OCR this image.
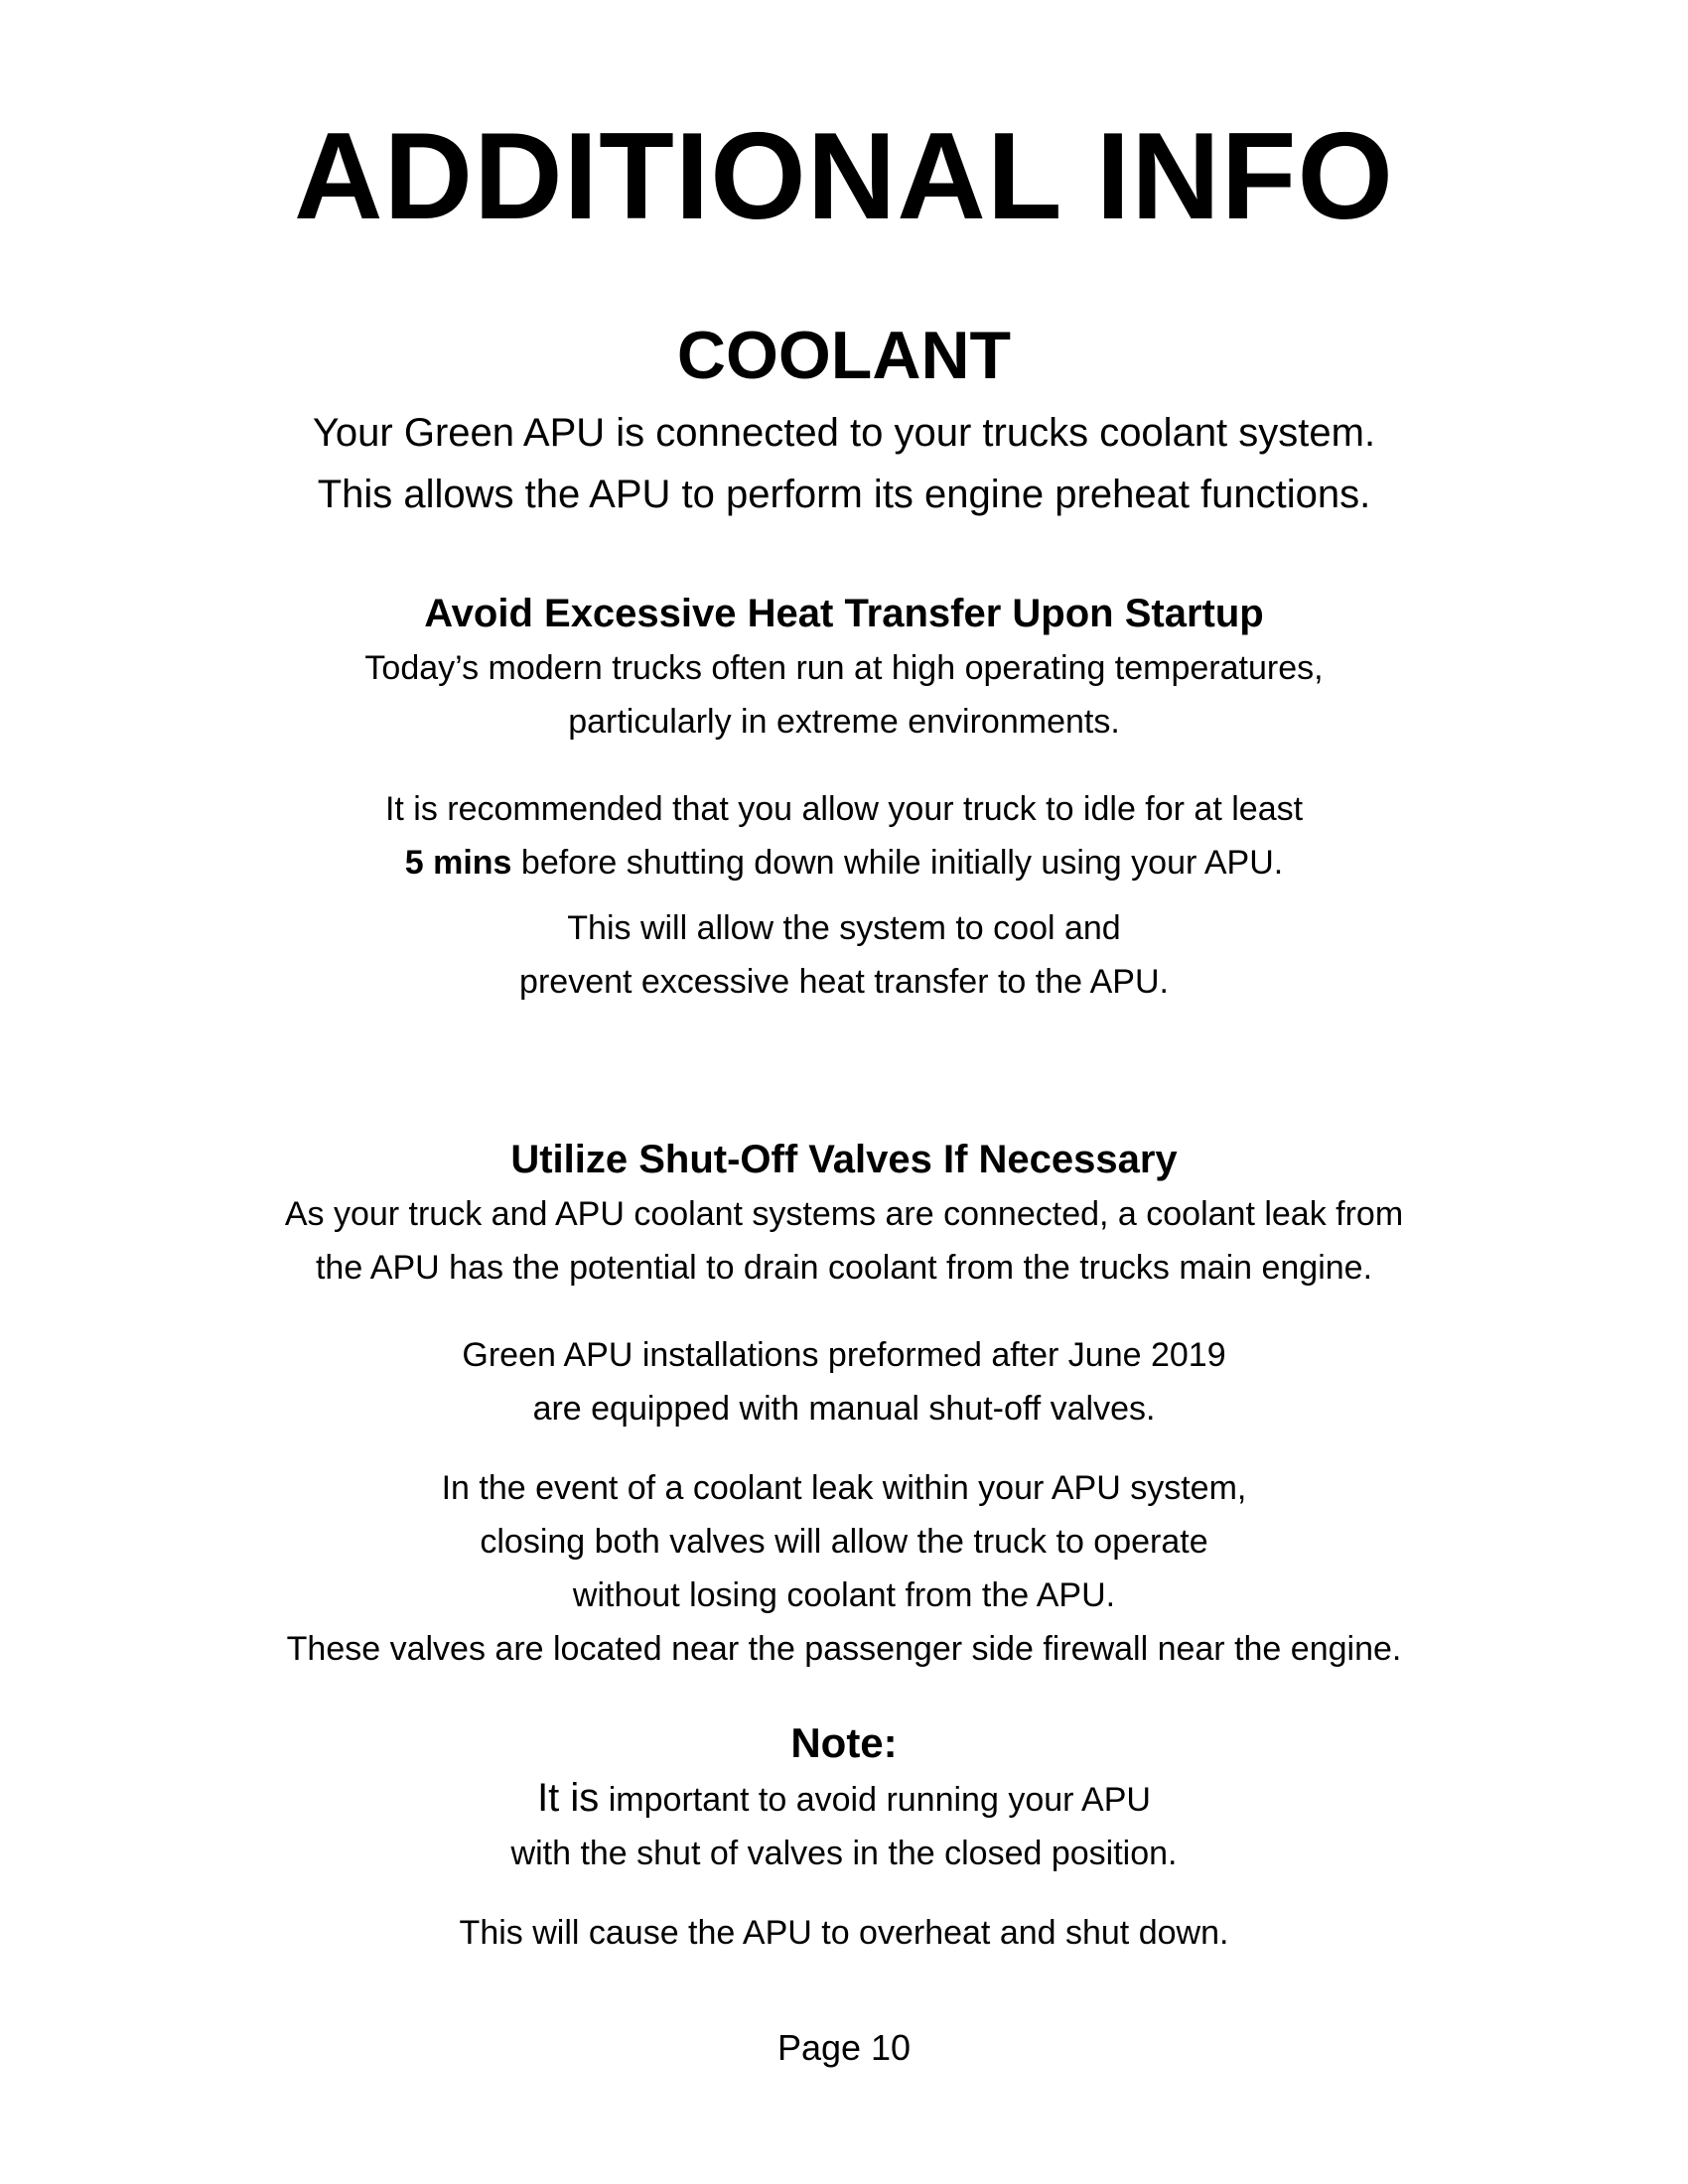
ADDITIONAL INFO
COOLANT

Your Green APU is connected to your trucks coolant system.

This allows the APU to perform its engine preheat functions.

Avoid Excessive Heat Transfer Upon Startup

Today’s modern trucks often run at high operating temperatures,

particularly in extreme environments.

It is recommended that you allow your truck to idle for at least

5 mins before shutting down while initially using your APU.

This will allow the system to cool and

prevent excessive heat transfer to the APU.

Utilize Shut-Off Valves If Necessary

As your truck and APU coolant systems are connected, a coolant leak from

the APU has the potential to drain coolant from the trucks main engine.

Green APU installations preformed after June 2019

are equipped with manual shut-off valves.

In the event of a coolant leak within your APU system,

closing both valves will allow the truck to operate

without losing coolant from the APU.

These valves are located near the passenger side firewall near the engine.

Note:

It is important to avoid running your APU

with the shut of valves in the closed position.

This will cause the APU to overheat and shut down.

Page 10
